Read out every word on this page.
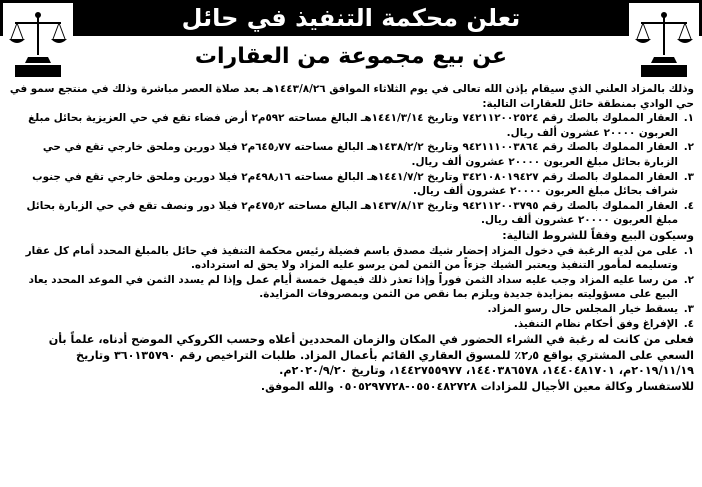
تعلن محكمة التنفيذ في حائل
عن بيع مجموعة من العقارات

وذلك بالمزاد العلني الذي سيقام بإذن الله تعالى في يوم الثلاثاء الموافق ١٤٤٣/٨/٢٦هـ بعد صلاة العصر مباشرة وذلك في منتجع سمو في حي الوادي بمنطقة حائل للعقارات التالية:

١.
العقار المملوك بالصك رقم ٧٤٢١١٢٠٠٢٥٢٤ وتاريخ ١٤٤١/٣/١٤هـ البالغ مساحته ٥٩٢م٢ أرض فضاء تقع في حي العزيزية بحائل مبلغ العربون ٢٠٠٠٠ عشرون ألف ريال.
٢.
العقار المملوك بالصك رقم ٩٤٢١١١٠٠٣٨٦٤ وتاريخ ١٤٣٨/٢/٢هـ البالغ مساحته ٦٤٥٫٧٧م٢ فيلا دورين وملحق خارجي تقع في حي الزبارة بحائل مبلغ العربون ٢٠٠٠٠ عشرون ألف ريال.
٣.
العقار المملوك بالصك رقم ٣٤٢١٠٨٠١٩٤٢٧ وتاريخ ١٤٤١/٧/٢هـ البالغ مساحته ٤٩٨٫١٦م٢ فيلا دورين وملحق خارجي تقع في جنوب شراف بحائل مبلغ العربون ٢٠٠٠٠ عشرون ألف ريال.
٤.
العقار المملوك بالصك رقم ٩٤٢١١٢٠٠٣٧٩٥ وتاريخ ١٤٣٧/٨/١٣هـ البالغ مساحته ٤٧٥٫٢م٢ فيلا دور ونصف تقع في حي الزبارة بحائل مبلغ العربون ٢٠٠٠٠ عشرون ألف ريال.

وسيكون البيع وفقاً للشروط التالية:

١.
على من لديه الرغبة في دخول المزاد إحضار شيك مصدق باسم فضيلة رئيس محكمة التنفيذ في حائل بالمبلغ المحدد أمام كل عقار وتسليمه لمأمور التنفيذ ويعتبر الشيك جزءاً من الثمن لمن يرسو عليه المزاد ولا يحق له استرداده.
٢.
من رسا عليه المزاد وجب عليه سداد الثمن فوراً وإذا تعذر ذلك فيمهل خمسة أيام عمل وإذا لم يسدد الثمن في الموعد المحدد يعاد البيع على مسؤوليته بمزايدة جديدة ويلزم بما نقص من الثمن وبمصروفات المزايدة.
٣.
يسقط خيار المجلس حال رسو المزاد.
٤.
الإفراغ وفق أحكام نظام التنفيذ.

فعلى من كانت له رغبة في الشراء الحضور في المكان والزمان المحددين أعلاه وحسب الكروكي الموضح أدناه، علماً بأن السعي على المشتري بواقع ٢٫٥٪ للمسوق العقاري القائم بأعمال المزاد. طلبات التراخيص رقم ٣٦٠١٣٥٧٩٠ وتاريخ ٢٠١٩/١١/١٩م، ١٤٤٠٤٨١٧٠١، ١٤٤٠٣٨٦٥٧٨، ١٤٤٢٧٥٥٩٧٧، وتاريخ ٢٠٢٠/٩/٢٠م.

للاستفسار وكالة معين الأجيال للمزادات ٠٥٥٠٤٨٢٧٢٨-٠٥٠٥٢٩٧٧٢٨ والله الموفق.
